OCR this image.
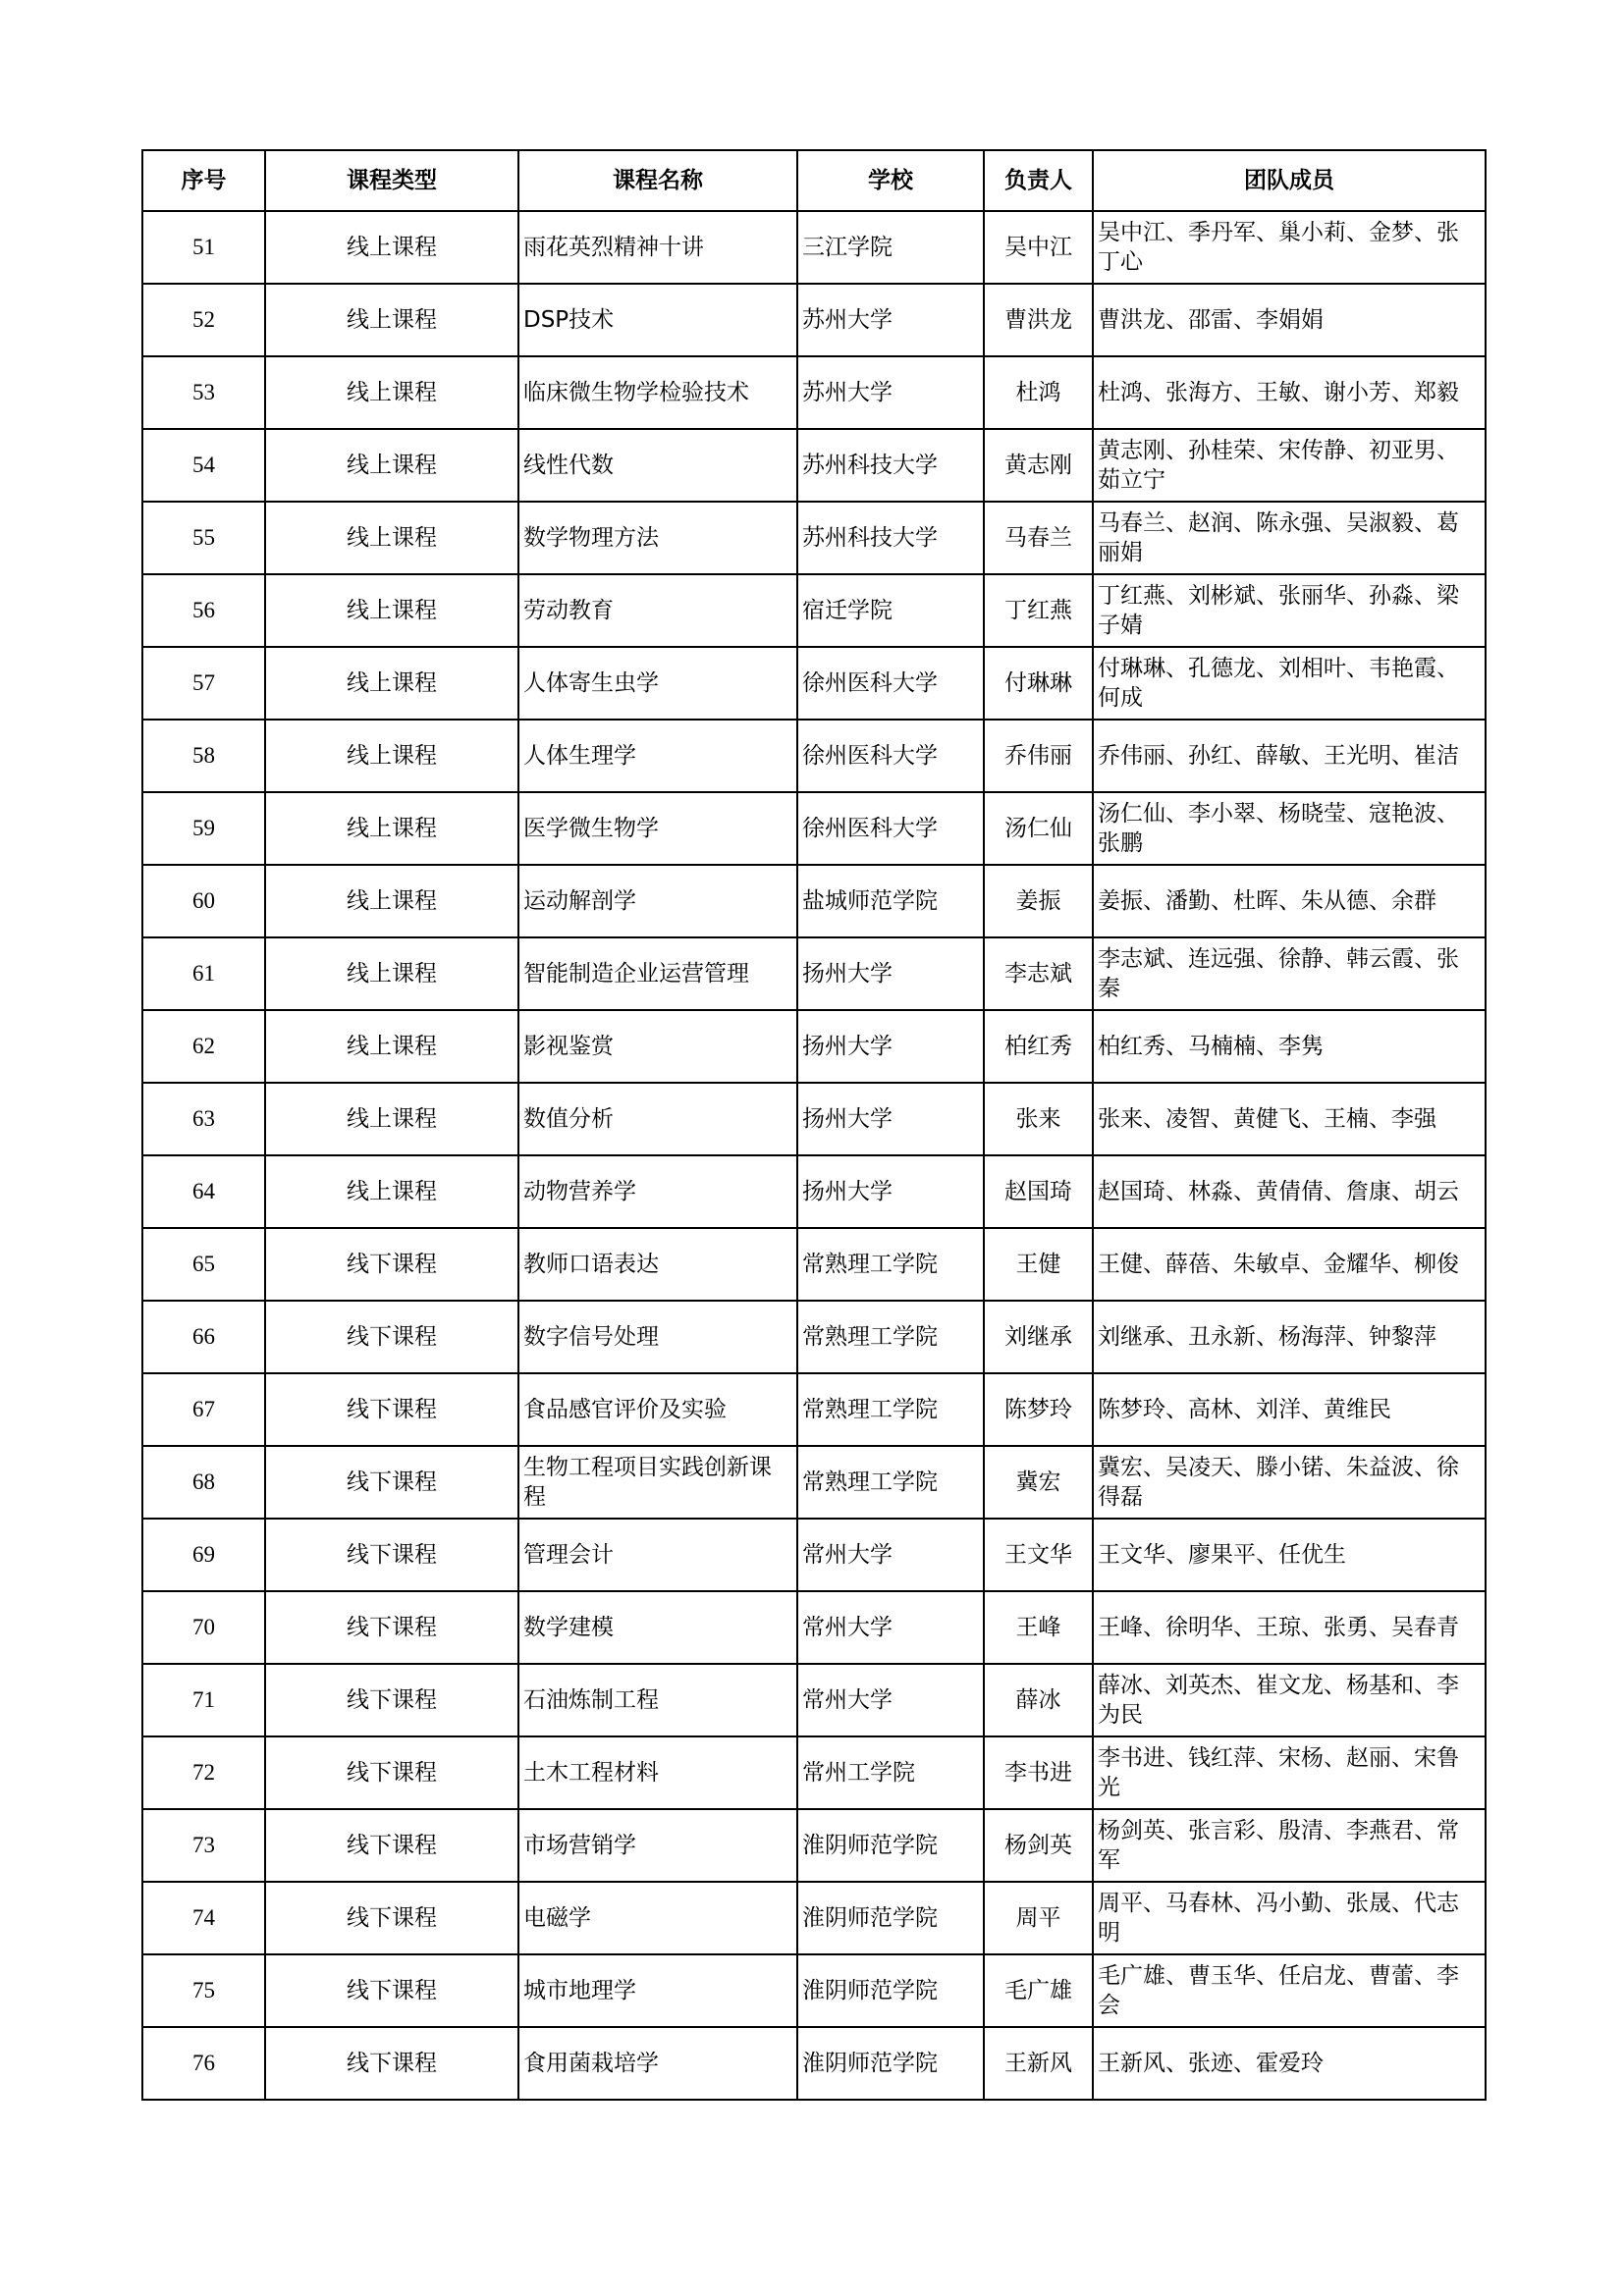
序号	课程类型	课程名称	学校	负责人	团队成员
51	线上课程	雨花英烈精神十讲	三江学院	吴中江	吴中江、季丹军、巢小莉、金梦、张丁心
52	线上课程	DSP技术	苏州大学	曹洪龙	曹洪龙、邵雷、李娟娟
53	线上课程	临床微生物学检验技术	苏州大学	杜鸿	杜鸿、张海方、王敏、谢小芳、郑毅
54	线上课程	线性代数	苏州科技大学	黄志刚	黄志刚、孙桂荣、宋传静、初亚男、茹立宁
55	线上课程	数学物理方法	苏州科技大学	马春兰	马春兰、赵润、陈永强、吴淑毅、葛丽娟
56	线上课程	劳动教育	宿迁学院	丁红燕	丁红燕、刘彬斌、张丽华、孙淼、梁子婧
57	线上课程	人体寄生虫学	徐州医科大学	付琳琳	付琳琳、孔德龙、刘相叶、韦艳霞、何成
58	线上课程	人体生理学	徐州医科大学	乔伟丽	乔伟丽、孙红、薛敏、王光明、崔洁
59	线上课程	医学微生物学	徐州医科大学	汤仁仙	汤仁仙、李小翠、杨晓莹、寇艳波、张鹏
60	线上课程	运动解剖学	盐城师范学院	姜振	姜振、潘勤、杜晖、朱从德、余群
61	线上课程	智能制造企业运营管理	扬州大学	李志斌	李志斌、连远强、徐静、韩云霞、张秦
62	线上课程	影视鉴赏	扬州大学	柏红秀	柏红秀、马楠楠、李隽
63	线上课程	数值分析	扬州大学	张来	张来、凌智、黄健飞、王楠、李强
64	线上课程	动物营养学	扬州大学	赵国琦	赵国琦、林淼、黄倩倩、詹康、胡云
65	线下课程	教师口语表达	常熟理工学院	王健	王健、薛蓓、朱敏卓、金耀华、柳俊
66	线下课程	数字信号处理	常熟理工学院	刘继承	刘继承、丑永新、杨海萍、钟黎萍
67	线下课程	食品感官评价及实验	常熟理工学院	陈梦玲	陈梦玲、高林、刘洋、黄维民
68	线下课程	生物工程项目实践创新课程	常熟理工学院	冀宏	冀宏、吴凌天、滕小锘、朱益波、徐得磊
69	线下课程	管理会计	常州大学	王文华	王文华、廖果平、任优生
70	线下课程	数学建模	常州大学	王峰	王峰、徐明华、王琼、张勇、吴春青
71	线下课程	石油炼制工程	常州大学	薛冰	薛冰、刘英杰、崔文龙、杨基和、李为民
72	线下课程	土木工程材料	常州工学院	李书进	李书进、钱红萍、宋杨、赵丽、宋鲁光
73	线下课程	市场营销学	淮阴师范学院	杨剑英	杨剑英、张言彩、殷清、李燕君、常军
74	线下课程	电磁学	淮阴师范学院	周平	周平、马春林、冯小勤、张晟、代志明
75	线下课程	城市地理学	淮阴师范学院	毛广雄	毛广雄、曹玉华、任启龙、曹蕾、李会
76	线下课程	食用菌栽培学	淮阴师范学院	王新风	王新风、张迹、霍爱玲
